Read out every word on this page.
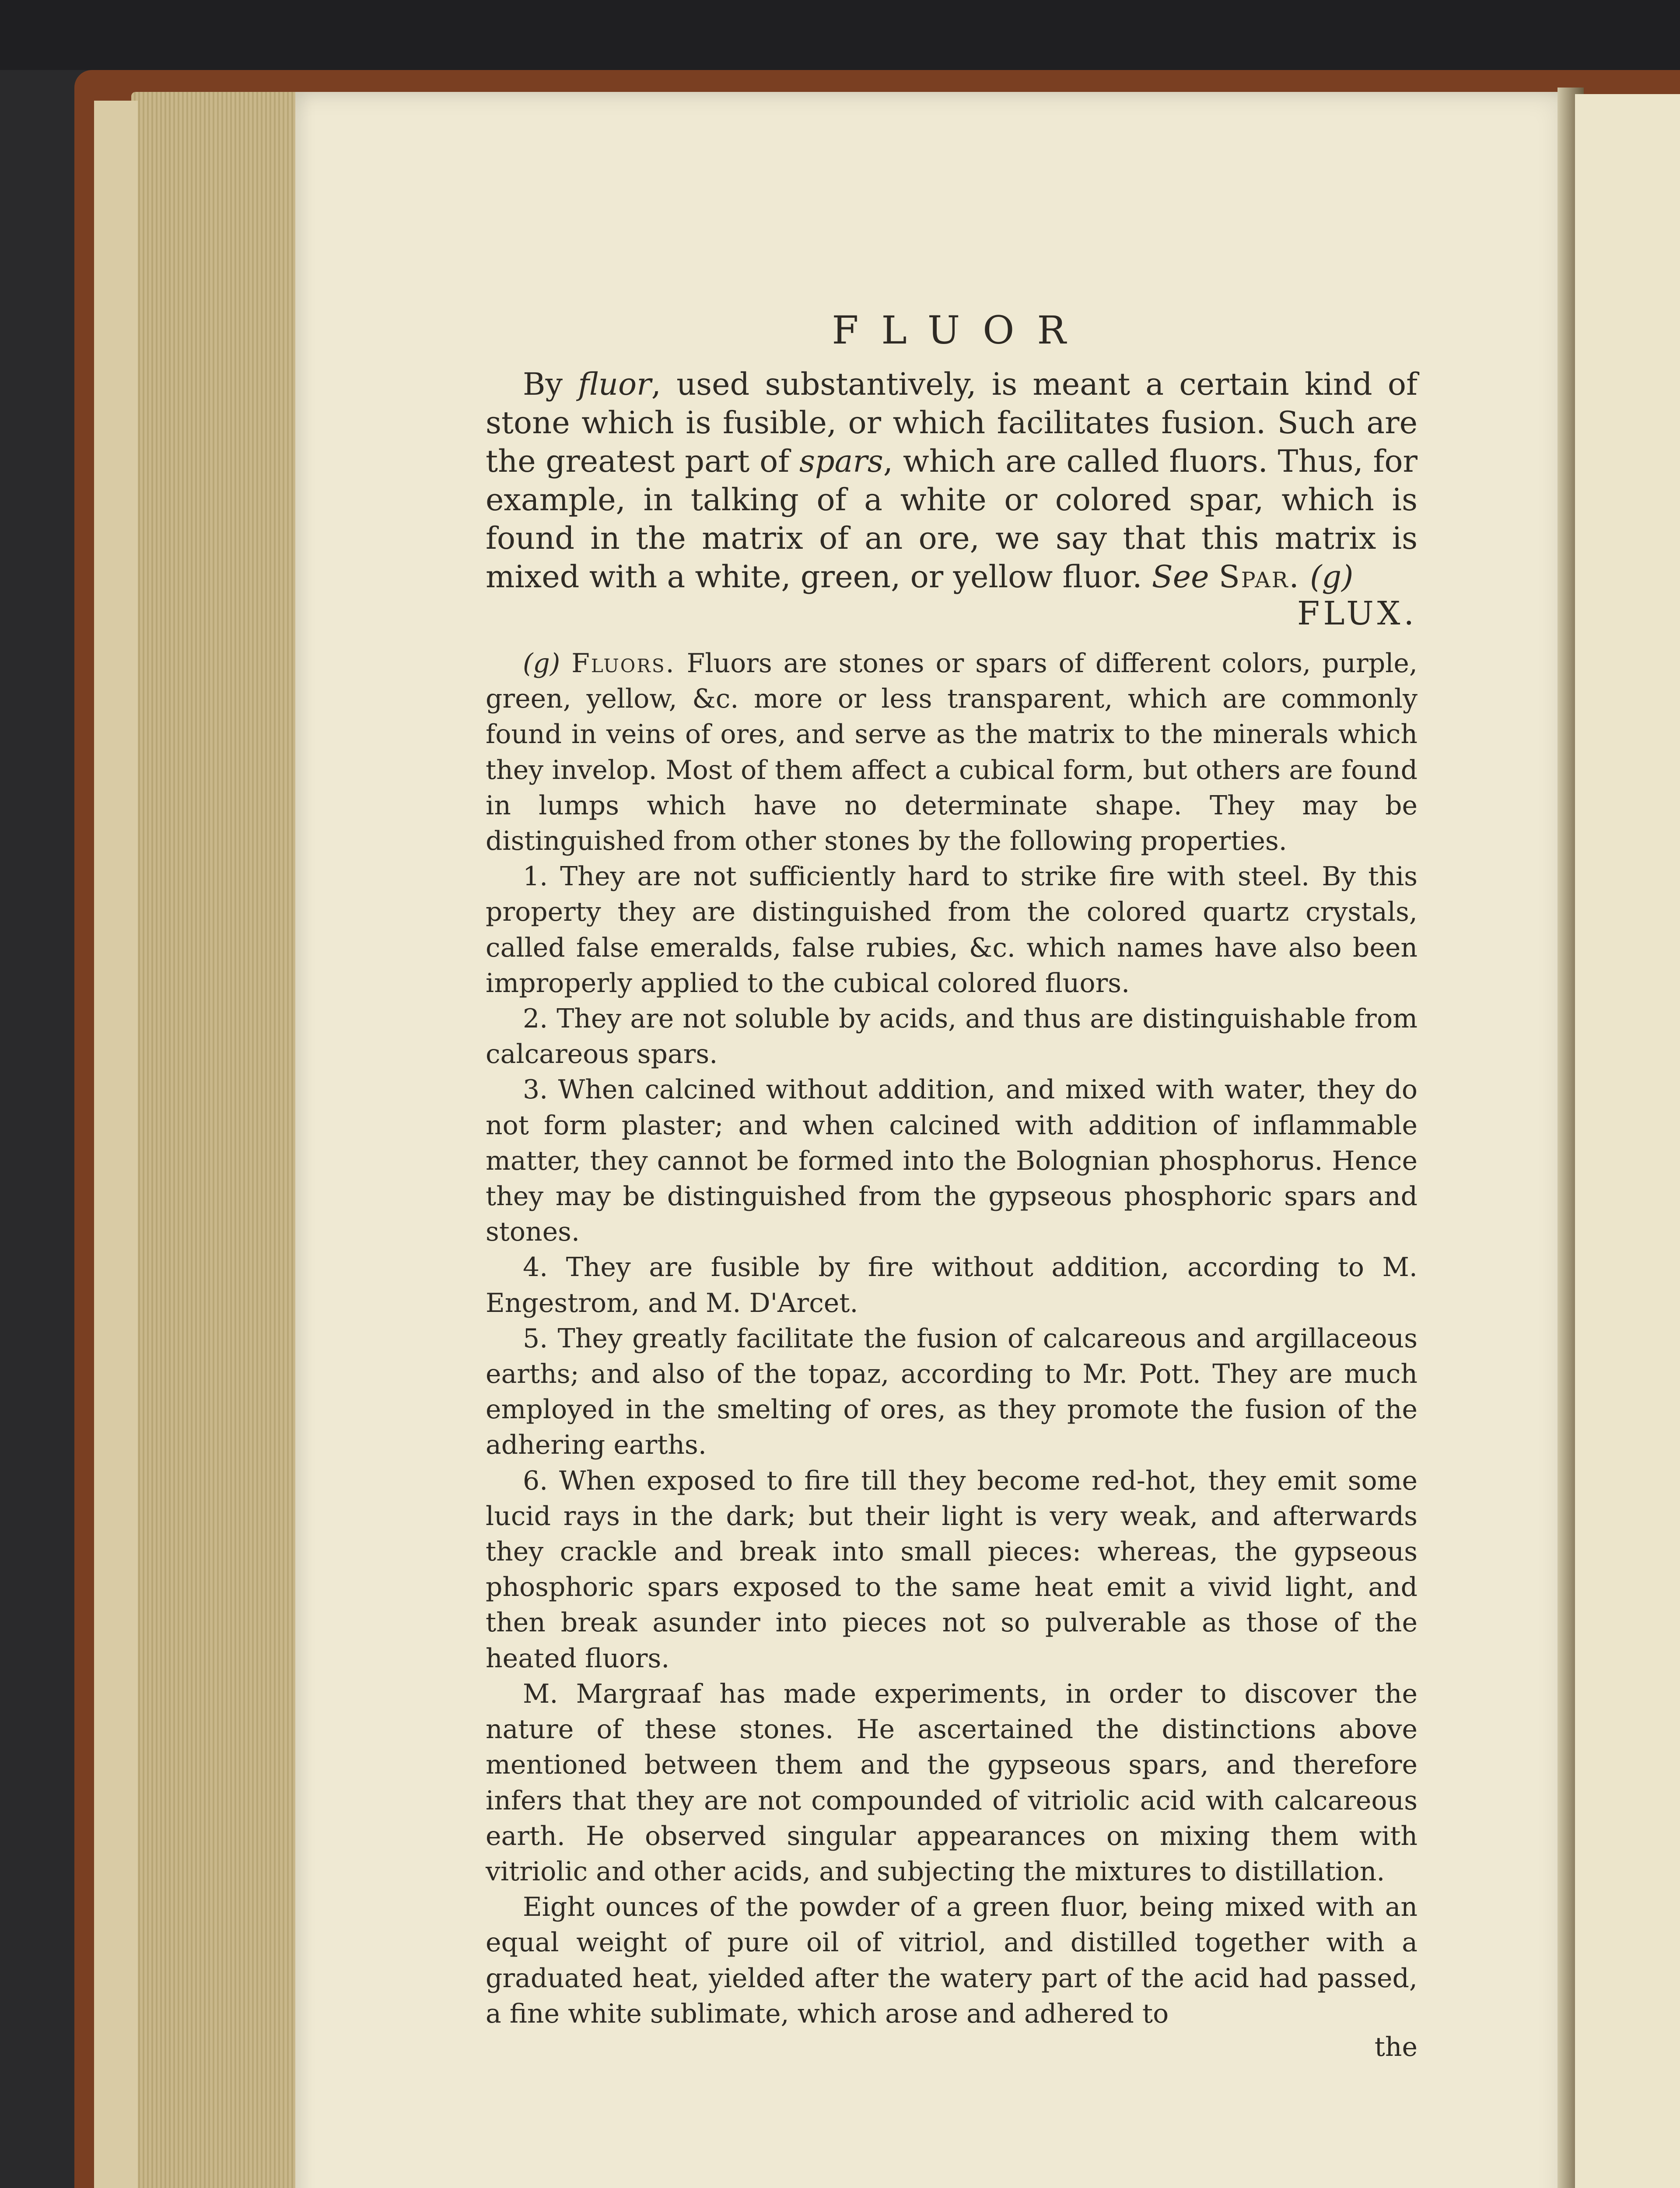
FLUOR

By fluor, used substantively, is meant a certain kind of stone which is fusible, or which facilitates fusion. Such are the greatest part of spars, which are called fluors. Thus, for example, in talking of a white or colored spar, which is found in the matrix of an ore, we say that this matrix is mixed with a white, green, or yellow fluor. See Spar. (g)

FLUX.

(g) Fluors. Fluors are stones or spars of different colors, purple, green, yellow, &c. more or less transparent, which are commonly found in veins of ores, and serve as the matrix to the minerals which they invelop. Most of them affect a cubical form, but others are found in lumps which have no determinate shape. They may be distinguished from other stones by the following properties.

1. They are not sufficiently hard to strike fire with steel. By this property they are distinguished from the colored quartz crystals, called false emeralds, false rubies, &c. which names have also been improperly applied to the cubical colored fluors.

2. They are not soluble by acids, and thus are distinguishable from calcareous spars.

3. When calcined without addition, and mixed with water, they do not form plaster; and when calcined with addition of inflammable matter, they cannot be formed into the Bolognian phosphorus. Hence they may be distinguished from the gypseous phosphoric spars and stones.

4. They are fusible by fire without addition, according to M. Engestrom, and M. D'Arcet.

5. They greatly facilitate the fusion of calcareous and argillaceous earths; and also of the topaz, according to Mr. Pott. They are much employed in the smelting of ores, as they promote the fusion of the adhering earths.

6. When exposed to fire till they become red-hot, they emit some lucid rays in the dark; but their light is very weak, and afterwards they crackle and break into small pieces: whereas, the gypseous phosphoric spars exposed to the same heat emit a vivid light, and then break asunder into pieces not so pulverable as those of the heated fluors.

M. Margraaf has made experiments, in order to discover the nature of these stones. He ascertained the distinctions above mentioned between them and the gypseous spars, and therefore infers that they are not compounded of vitriolic acid with calcareous earth. He observed singular appearances on mixing them with vitriolic and other acids, and subjecting the mixtures to distillation.

Eight ounces of the powder of a green fluor, being mixed with an equal weight of pure oil of vitriol, and distilled together with a graduated heat, yielded after the watery part of the acid had passed, a fine white sublimate, which arose and adhered to

the
